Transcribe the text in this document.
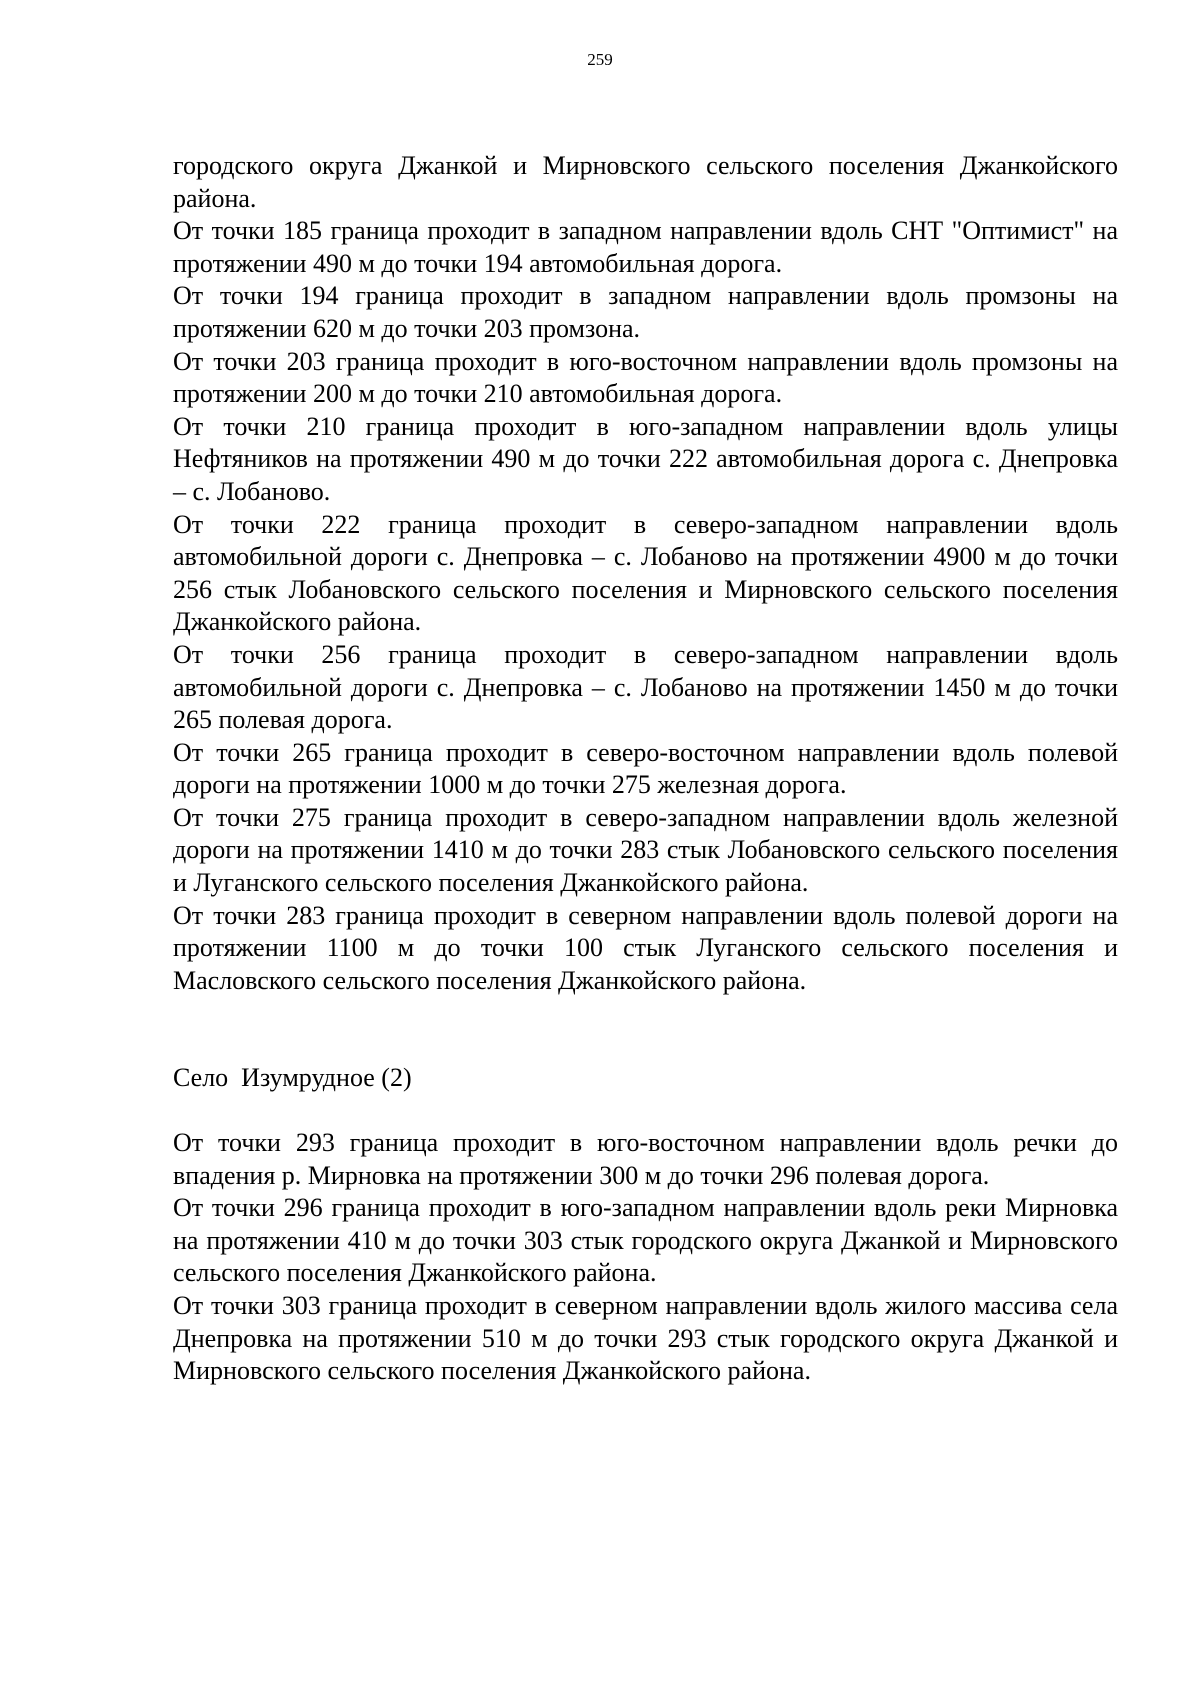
259

городского округа Джанкой и Мирновского сельского поселения Джанкойского района.

От точки 185 граница проходит в западном направлении вдоль СНТ "Оптимист" на протяжении 490 м до точки 194 автомобильная дорога.

От точки 194 граница проходит в западном направлении вдоль промзоны на протяжении 620 м до точки 203 промзона.

От точки 203 граница проходит в юго-восточном направлении вдоль промзоны на протяжении 200 м до точки 210 автомобильная дорога.

От точки 210 граница проходит в юго-западном направлении вдоль улицы Нефтяников на протяжении 490 м до точки 222 автомобильная дорога с. Днепровка – с. Лобаново.

От точки 222 граница проходит в северо-западном направлении вдоль автомобильной дороги с. Днепровка – с. Лобаново на протяжении 4900 м до точки 256 стык Лобановского сельского поселения и Мирновского сельского поселения Джанкойского района.

От точки 256 граница проходит в северо-западном направлении вдоль автомобильной дороги с. Днепровка – с. Лобаново на протяжении 1450 м до точки 265 полевая дорога.

От точки 265 граница проходит в северо-восточном направлении вдоль полевой дороги на протяжении 1000 м до точки 275 железная дорога.

От точки 275 граница проходит в северо-западном направлении вдоль железной дороги на протяжении 1410 м до точки 283 стык Лобановского сельского поселения и Луганского сельского поселения Джанкойского района.

От точки 283 граница проходит в северном направлении вдоль полевой дороги на протяжении 1100 м до точки 100 стык Луганского сельского поселения и Масловского сельского поселения Джанкойского района.

Село  Изумрудное (2)

От точки 293 граница проходит в юго-восточном направлении вдоль речки до впадения р. Мирновка на протяжении 300 м до точки 296 полевая дорога.

От точки 296 граница проходит в юго-западном направлении вдоль реки Мирновка на протяжении 410 м до точки 303 стык городского округа Джанкой и Мирновского сельского поселения Джанкойского района.

От точки 303 граница проходит в северном направлении вдоль жилого массива села Днепровка на протяжении 510 м до точки 293 стык городского округа Джанкой и Мирновского сельского поселения Джанкойского района.
